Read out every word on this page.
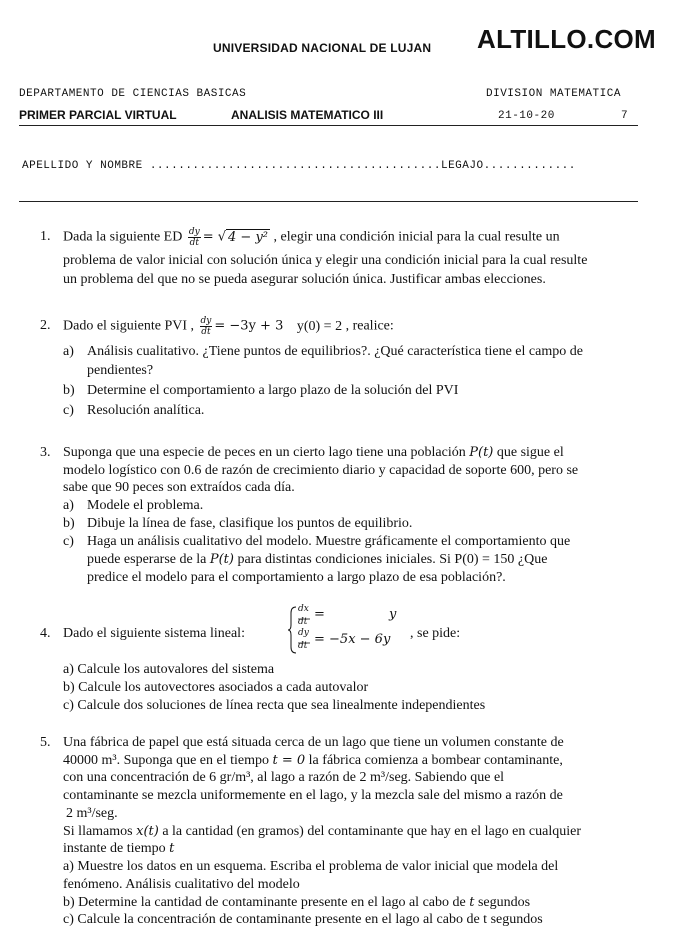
UNIVERSIDAD NACIONAL DE LUJAN ALTILLO.COM
DEPARTAMENTO DE CIENCIAS BASICAS	DIVISION MATEMATICA
PRIMER PARCIAL VIRTUAL	ANALISIS MATEMATICO III	21-10-20	7
APELLIDO Y NOMBRE .........................................LEGAJO.............
1. Dada la siguiente ED $\frac{dy}{dt}$ = √ 4 − y² , elegir una condición inicial para la cual resulte un
problema de valor inicial con solución única y elegir una condición inicial para la cual resulte
un problema del que no se pueda asegurar solución única. Justificar ambas elecciones.
2. Dado el siguiente PVI , $\frac{dy}{dt} = -3y + 3$ y(0) = 2 , realice:
a) Análisis cualitativo. ¿Tiene puntos de equilibrios?. ¿Qué característica tiene el campo de
pendientes?
b) Determine el comportamiento a largo plazo de la solución del PVI
c) Resolución analítica.
3. Suponga que una especie de peces en un cierto lago tiene una población P(t) que sigue el
modelo logístico con 0.6 de razón de crecimiento diario y capacidad de soporte 600, pero se
sabe que 90 peces son extraídos cada día.
a) Modele el problema.
b) Dibuje la línea de fase, clasifique los puntos de equilibrio.
c) Haga un análisis cualitativo del modelo. Muestre gráficamente el comportamiento que
puede esperarse de la P(t) para distintas condiciones iniciales. Si P(0) = 150 ¿Que
predice el modelo para el comportamiento a largo plazo de esa población?.
4. Dado el siguiente sistema lineal:
dx
dt
dy
dt
= y
= −5x − 6y , se pide:
a) Calcule los autovalores del sistema
b) Calcule los autovectores asociados a cada autovalor
c) Calcule dos soluciones de línea recta que sea linealmente independientes
5. Una fábrica de papel que está situada cerca de un lago que tiene un volumen constante de
40000 m³. Suponga que en el tiempo t = 0 la fábrica comienza a bombear contaminante,
con una concentración de 6 gr/m³, al lago a razón de 2 m³/seg. Sabiendo que el
contaminante se mezcla uniformemente en el lago, y la mezcla sale del mismo a razón de
2 m³/seg.
Si llamamos x(t) a la cantidad (en gramos) del contaminante que hay en el lago en cualquier
instante de tiempo t
a) Muestre los datos en un esquema. Escriba el problema de valor inicial que modela del
fenómeno. Análisis cualitativo del modelo
b) Determine la cantidad de contaminante presente en el lago al cabo de t segundos
c) Calcule la concentración de contaminante presente en el lago al cabo de t segundos
